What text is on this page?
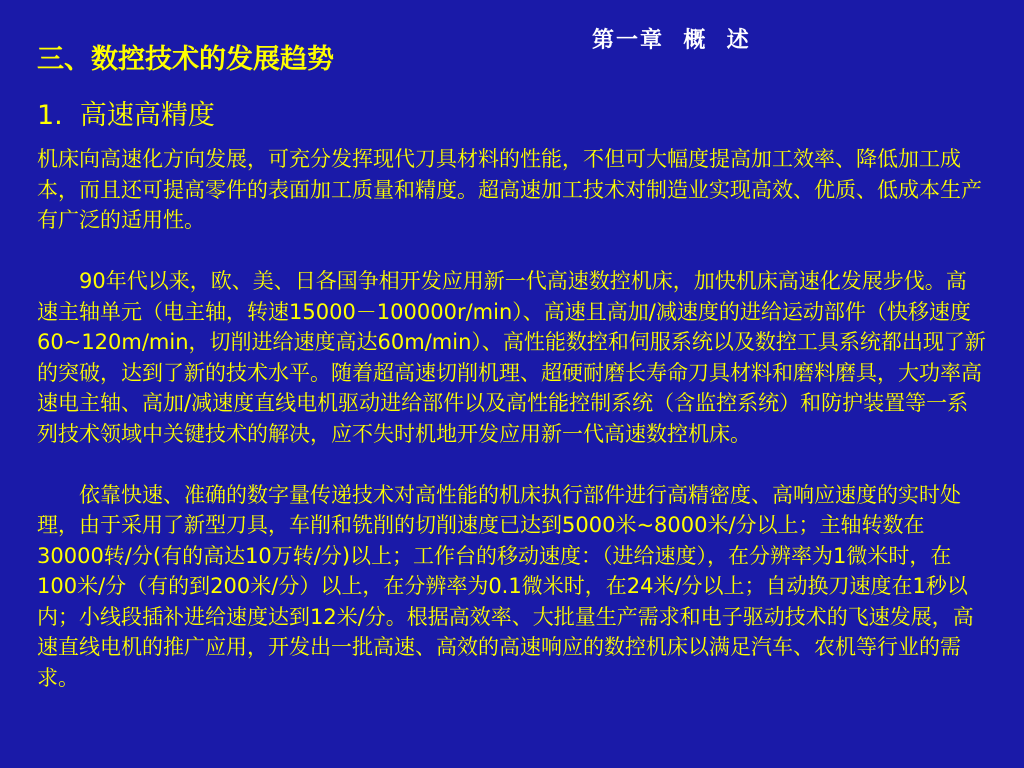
第一章  概  述
三、数控技术的发展趋势
1.  高速高精度

机床向高速化方向发展，可充分发挥现代刀具材料的性能，不但可大幅度提高加工效率、降低加工成本，而且还可提高零件的表面加工质量和精度。超高速加工技术对制造业实现高效、优质、低成本生产有广泛的适用性。

90年代以来，欧、美、日各国争相开发应用新一代高速数控机床，加快机床高速化发展步伐。高速主轴单元（电主轴，转速15000－100000r/min）、高速且高加/减速度的进给运动部件（快移速度60~120m/min，切削进给速度高达60m/min）、高性能数控和伺服系统以及数控工具系统都出现了新的突破，达到了新的技术水平。随着超高速切削机理、超硬耐磨长寿命刀具材料和磨料磨具，大功率高速电主轴、高加/减速度直线电机驱动进给部件以及高性能控制系统（含监控系统）和防护装置等一系列技术领域中关键技术的解决，应不失时机地开发应用新一代高速数控机床。

依靠快速、准确的数字量传递技术对高性能的机床执行部件进行高精密度、高响应速度的实时处理，由于采用了新型刀具，车削和铣削的切削速度已达到5000米~8000米/分以上；主轴转数在30000转/分(有的高达10万转/分)以上；工作台的移动速度：（进给速度），在分辨率为1微米时，在100米/分（有的到200米/分）以上，在分辨率为0.1微米时，在24米/分以上；自动换刀速度在1秒以内；小线段插补进给速度达到12米/分。根据高效率、大批量生产需求和电子驱动技术的飞速发展，高速直线电机的推广应用，开发出一批高速、高效的高速响应的数控机床以满足汽车、农机等行业的需求。
